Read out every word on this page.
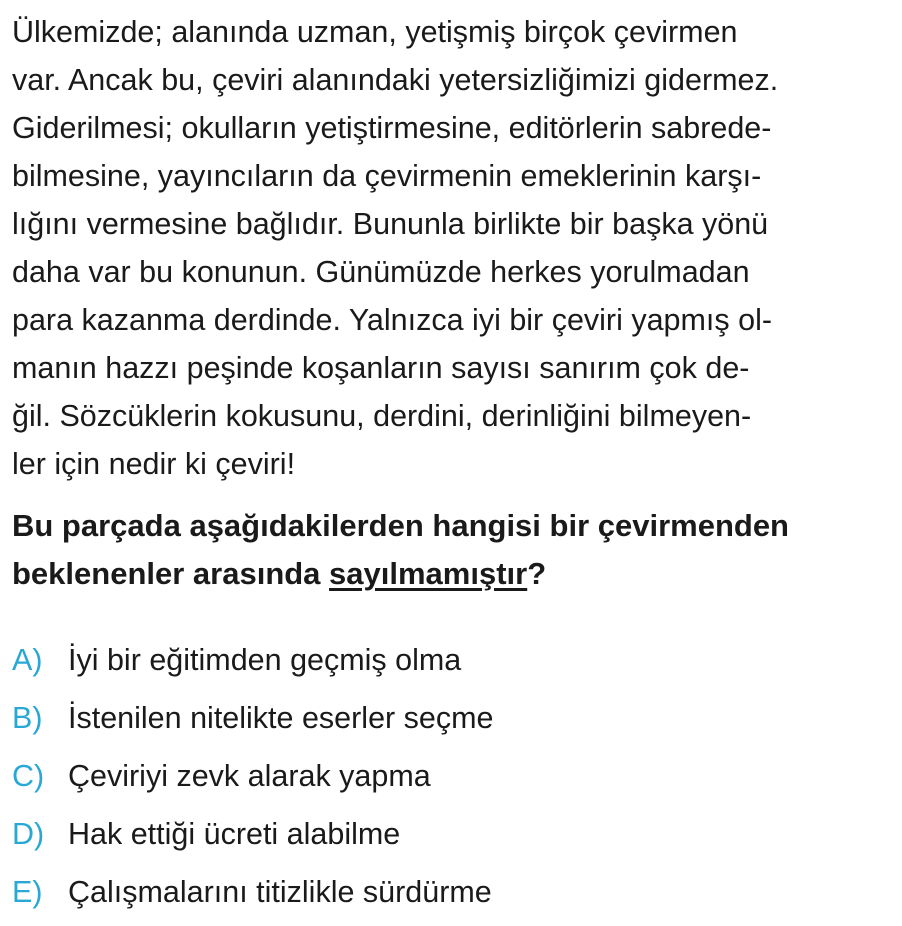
Ülkemizde; alanında uzman, yetişmiş birçok çevirmen
var. Ancak bu, çeviri alanındaki yetersizliğimizi gidermez.
Giderilmesi; okulların yetiştirmesine, editörlerin sabrede-
bilmesine, yayıncıların da çevirmenin emeklerinin karşı-
lığını vermesine bağlıdır. Bununla birlikte bir başka yönü
daha var bu konunun. Günümüzde herkes yorulmadan
para kazanma derdinde. Yalnızca iyi bir çeviri yapmış ol-
manın hazzı peşinde koşanların sayısı sanırım çok de-
ğil. Sözcüklerin kokusunu, derdini, derinliğini bilmeyen-
ler için nedir ki çeviri!
Bu parçada aşağıdakilerden hangisi bir çevirmenden
beklenenler arasında sayılmamıştır?
A) İyi bir eğitimden geçmiş olma
B) İstenilen nitelikte eserler seçme
C) Çeviriyi zevk alarak yapma
D) Hak ettiği ücreti alabilme
E) Çalışmalarını titizlikle sürdürme
